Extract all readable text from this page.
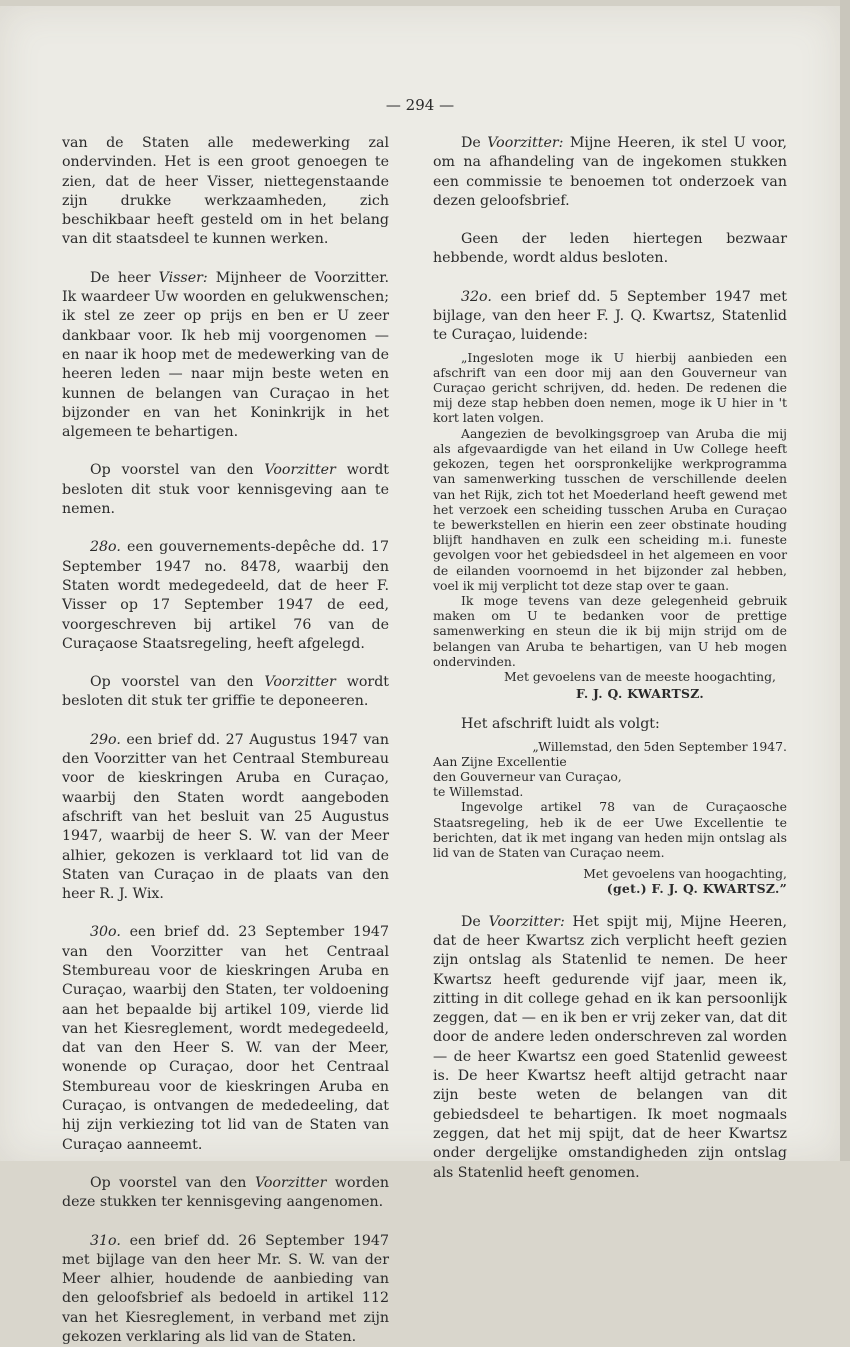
— 294 —

van de Staten alle medewerking zal ondervinden. Het is een groot genoegen te zien, dat de heer Visser, niettegenstaande zijn drukke werkzaamheden, zich beschikbaar heeft gesteld om in het belang van dit staatsdeel te kunnen werken.

De heer Visser: Mijnheer de Voorzitter. Ik waardeer Uw woorden en gelukwenschen; ik stel ze zeer op prijs en ben er U zeer dankbaar voor. Ik heb mij voorgenomen — en naar ik hoop met de medewerking van de heeren leden — naar mijn beste weten en kunnen de belangen van Curaçao in het bijzonder en van het Koninkrijk in het algemeen te behartigen.

Op voorstel van den Voorzitter wordt besloten dit stuk voor kennisgeving aan te nemen.

28o. een gouvernements-depêche dd. 17 September 1947 no. 8478, waarbij den Staten wordt medegedeeld, dat de heer F. Visser op 17 September 1947 de eed, voorgeschreven bij artikel 76 van de Curaçaose Staatsregeling, heeft afgelegd.

Op voorstel van den Voorzitter wordt besloten dit stuk ter griffie te deponeeren.

29o. een brief dd. 27 Augustus 1947 van den Voorzitter van het Centraal Stembureau voor de kieskringen Aruba en Curaçao, waarbij den Staten wordt aangeboden afschrift van het besluit van 25 Augustus 1947, waarbij de heer S. W. van der Meer alhier, gekozen is verklaard tot lid van de Staten van Curaçao in de plaats van den heer R. J. Wix.

30o. een brief dd. 23 September 1947 van den Voorzitter van het Centraal Stembureau voor de kieskringen Aruba en Curaçao, waarbij den Staten, ter voldoening aan het bepaalde bij artikel 109, vierde lid van het Kiesreglement, wordt medegedeeld, dat van den Heer S. W. van der Meer, wonende op Curaçao, door het Centraal Stembureau voor de kieskringen Aruba en Curaçao, is ontvangen de mededeeling, dat hij zijn verkiezing tot lid van de Staten van Curaçao aanneemt.

Op voorstel van den Voorzitter worden deze stukken ter kennisgeving aangenomen.

31o. een brief dd. 26 September 1947 met bijlage van den heer Mr. S. W. van der Meer alhier, houdende de aanbieding van den geloofsbrief als bedoeld in artikel 112 van het Kiesreglement, in verband met zijn gekozen verklaring als lid van de Staten.

De Voorzitter: Mijne Heeren, ik stel U voor, om na afhandeling van de ingekomen stukken een commissie te benoemen tot onderzoek van dezen geloofsbrief.

Geen der leden hiertegen bezwaar hebbende, wordt aldus besloten.

32o. een brief dd. 5 September 1947 met bijlage, van den heer F. J. Q. Kwartsz, Statenlid te Curaçao, luidende:

„Ingesloten moge ik U hierbij aanbieden een afschrift van een door mij aan den Gouverneur van Curaçao gericht schrijven, dd. heden. De redenen die mij deze stap hebben doen nemen, moge ik U hier in 't kort laten volgen.

Aangezien de bevolkingsgroep van Aruba die mij als afgevaardigde van het eiland in Uw College heeft gekozen, tegen het oorspronkelijke werkprogramma van samenwerking tusschen de verschillende deelen van het Rijk, zich tot het Moederland heeft gewend met het verzoek een scheiding tusschen Aruba en Curaçao te bewerkstellen en hierin een zeer obstinate houding blijft handhaven en zulk een scheiding m.i. funeste gevolgen voor het gebiedsdeel in het algemeen en voor de eilanden voornoemd in het bijzonder zal hebben, voel ik mij verplicht tot deze stap over te gaan.

Ik moge tevens van deze gelegenheid gebruik maken om U te bedanken voor de prettige samenwerking en steun die ik bij mijn strijd om de belangen van Aruba te behartigen, van U heb mogen ondervinden.

Met gevoelens van de meeste hoogachting,

F. J. Q. KWARTSZ.

Het afschrift luidt als volgt:

„Willemstad, den 5den September 1947.

Aan Zijne Excellentie

den Gouverneur van Curaçao,

te Willemstad.

Ingevolge artikel 78 van de Curaçaosche Staatsregeling, heb ik de eer Uwe Excellentie te berichten, dat ik met ingang van heden mijn ontslag als lid van de Staten van Curaçao neem.

Met gevoelens van hoogachting,

(get.) F. J. Q. KWARTSZ.”

De Voorzitter: Het spijt mij, Mijne Heeren, dat de heer Kwartsz zich verplicht heeft gezien zijn ontslag als Statenlid te nemen. De heer Kwartsz heeft gedurende vijf jaar, meen ik, zitting in dit college gehad en ik kan persoonlijk zeggen, dat — en ik ben er vrij zeker van, dat dit door de andere leden onderschreven zal worden — de heer Kwartsz een goed Statenlid geweest is. De heer Kwartsz heeft altijd getracht naar zijn beste weten de belangen van dit gebiedsdeel te behartigen. Ik moet nogmaals zeggen, dat het mij spijt, dat de heer Kwartsz onder dergelijke omstandigheden zijn ontslag als Statenlid heeft genomen.
